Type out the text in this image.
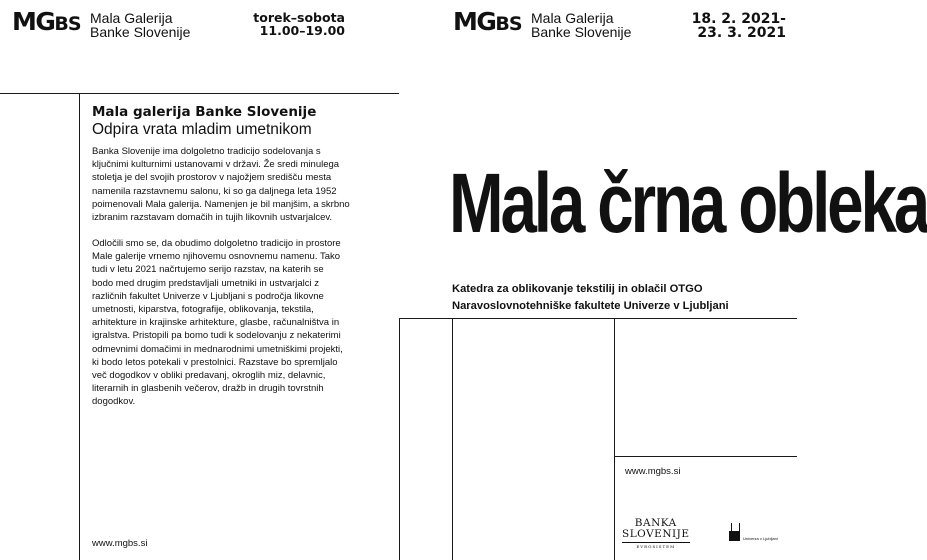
MGBS Mala Galerija
Banke Slovenije
torek–sobota
11.00–19.00	MGBS Mala Galerija
Banke Slovenije
18. 2. 2021-
23. 3. 2021
Mala galerija Banke Slovenije
Odpira vrata mladim umetnikom

Banka Slovenije ima dolgoletno tradicijo sodelovanja s

ključnimi kulturnimi ustanovami v državi. Že sredi minulega

stoletja je del svojih prostorov v najožjem središču mesta

namenila razstavnemu salonu, ki so ga daljnega leta 1952

poimenovali Mala galerija. Namenjen je bil manjšim, a skrbno

izbranim razstavam domačih in tujih likovnih ustvarjalcev.

Odločili smo se, da obudimo dolgoletno tradicijo in prostore

Male galerije vrnemo njihovemu osnovnemu namenu. Tako

tudi v letu 2021 načrtujemo serijo razstav, na katerih se

bodo med drugim predstavljali umetniki in ustvarjalci z

različnih fakultet Univerze v Ljubljani s področja likovne

umetnosti, kiparstva, fotografije, oblikovanja, tekstila,

arhitekture in krajinske arhitekture, glasbe, računalništva in

igralstva. Pristopili pa bomo tudi k sodelovanju z nekaterimi

odmevnimi domačimi in mednarodnimi umetniškimi projekti,

ki bodo letos potekali v prestolnici. Razstave bo spremljalo

več dogodkov v obliki predavanj, okroglih miz, delavnic,

literarnih in glasbenih večerov, dražb in drugih tovrstnih

dogodkov.

www.mgbs.si
Mala črna obleka
Katedra za oblikovanje tekstilij in oblačil OTGO
Naravoslovnotehniške fakultete Univerze v Ljubljani
www.mgbs.si
BANKA
SLOVENIJE
EVROSISTEM
Univerza v Ljubljani
